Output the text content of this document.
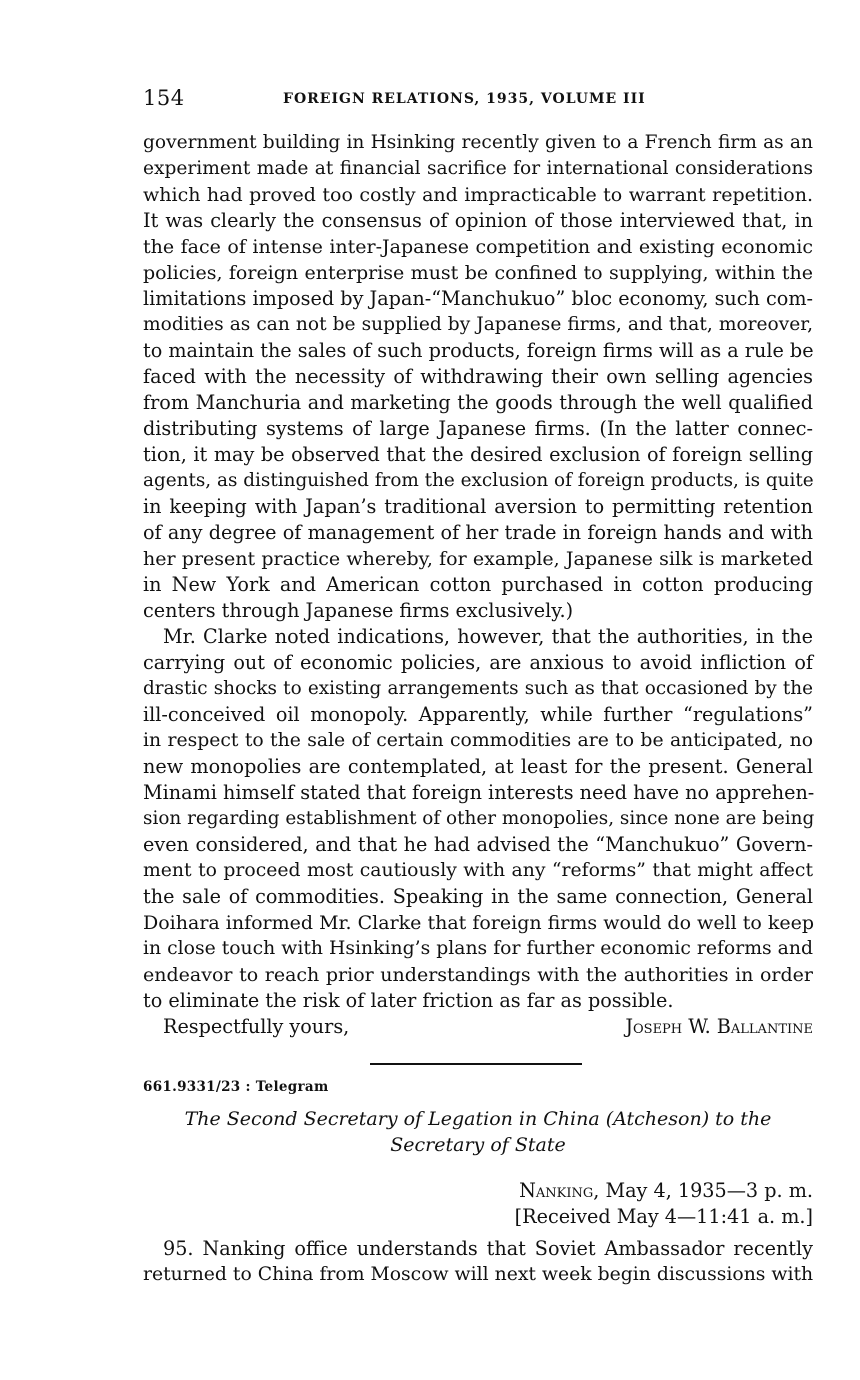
154	FOREIGN RELATIONS, 1935, VOLUME III

government building in Hsinking recently given to a French firm as an
experiment made at financial sacrifice for international considerations
which had proved too costly and impracticable to warrant repetition.
It was clearly the consensus of opinion of those interviewed that, in
the face of intense inter-Japanese competition and existing economic
policies, foreign enterprise must be confined to supplying, within the
limitations imposed by Japan-“Manchukuo” bloc economy, such com-
modities as can not be supplied by Japanese firms, and that, moreover,
to maintain the sales of such products, foreign firms will as a rule be
faced with the necessity of withdrawing their own selling agencies
from Manchuria and marketing the goods through the well qualified
distributing systems of large Japanese firms. (In the latter connec-
tion, it may be observed that the desired exclusion of foreign selling
agents, as distinguished from the exclusion of foreign products, is quite
in keeping with Japan’s traditional aversion to permitting retention
of any degree of management of her trade in foreign hands and with
her present practice whereby, for example, Japanese silk is marketed
in New York and American cotton purchased in cotton producing
centers through Japanese firms exclusively.)

Mr. Clarke noted indications, however, that the authorities, in the
carrying out of economic policies, are anxious to avoid infliction of
drastic shocks to existing arrangements such as that occasioned by the
ill-conceived oil monopoly. Apparently, while further “regulations”
in respect to the sale of certain commodities are to be anticipated, no
new monopolies are contemplated, at least for the present. General
Minami himself stated that foreign interests need have no apprehen-
sion regarding establishment of other monopolies, since none are being
even considered, and that he had advised the “Manchukuo” Govern-
ment to proceed most cautiously with any “reforms” that might affect
the sale of commodities. Speaking in the same connection, General
Doihara informed Mr. Clarke that foreign firms would do well to keep
in close touch with Hsinking’s plans for further economic reforms and
endeavor to reach prior understandings with the authorities in order
to eliminate the risk of later friction as far as possible.

Respectfully yours,	Joseph W. Ballantine
661.9331/23 : Telegram
The Second Secretary of Legation in China (Atcheson) to the
Secretary of State
Nanking, May 4, 1935—3 p. m.
[Received May 4—11:41 a. m.]
95. Nanking office understands that Soviet Ambassador recently
returned to China from Moscow will next week begin discussions with
